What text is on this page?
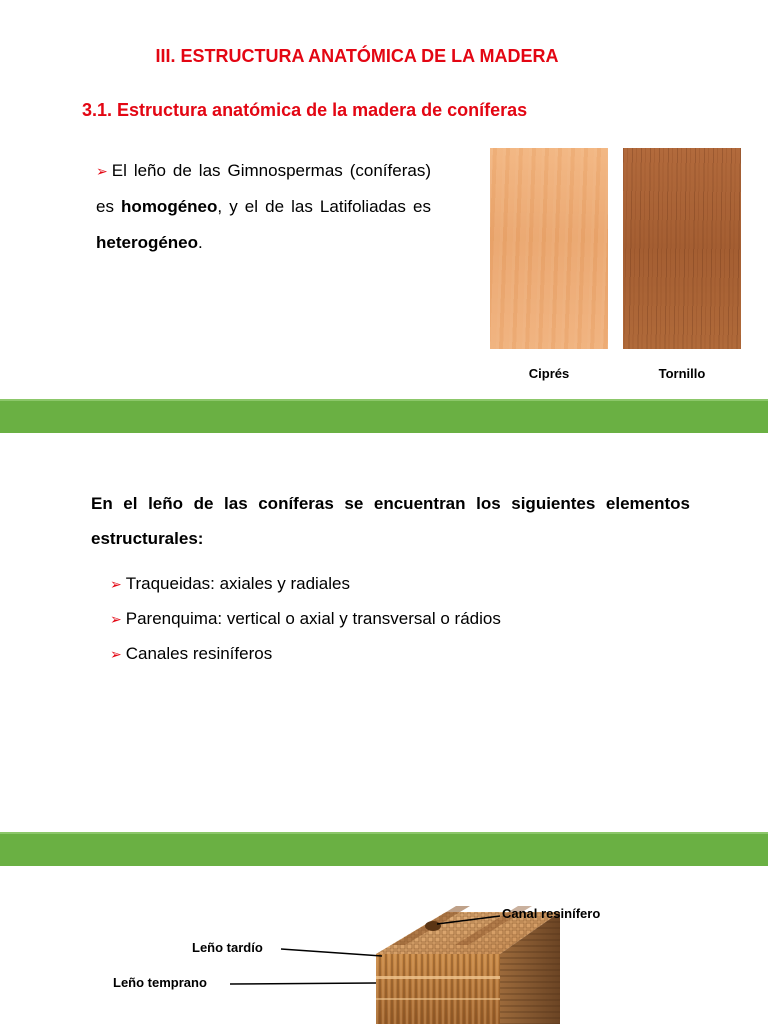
III. ESTRUCTURA ANATÓMICA DE LA MADERA
3.1. Estructura anatómica de la madera de coníferas
➢ El leño de las Gimnospermas (coníferas) es homogéneo, y el de las Latifoliadas es heterogéneo.
Ciprés	Tornillo
En el leño de las coníferas se encuentran los siguientes elementos estructurales:
➢ Traqueidas: axiales y radiales
➢ Parenquima: vertical o axial y transversal o rádios
➢ Canales resiníferos
Canal resinífero
Leño tardío
Leño temprano
